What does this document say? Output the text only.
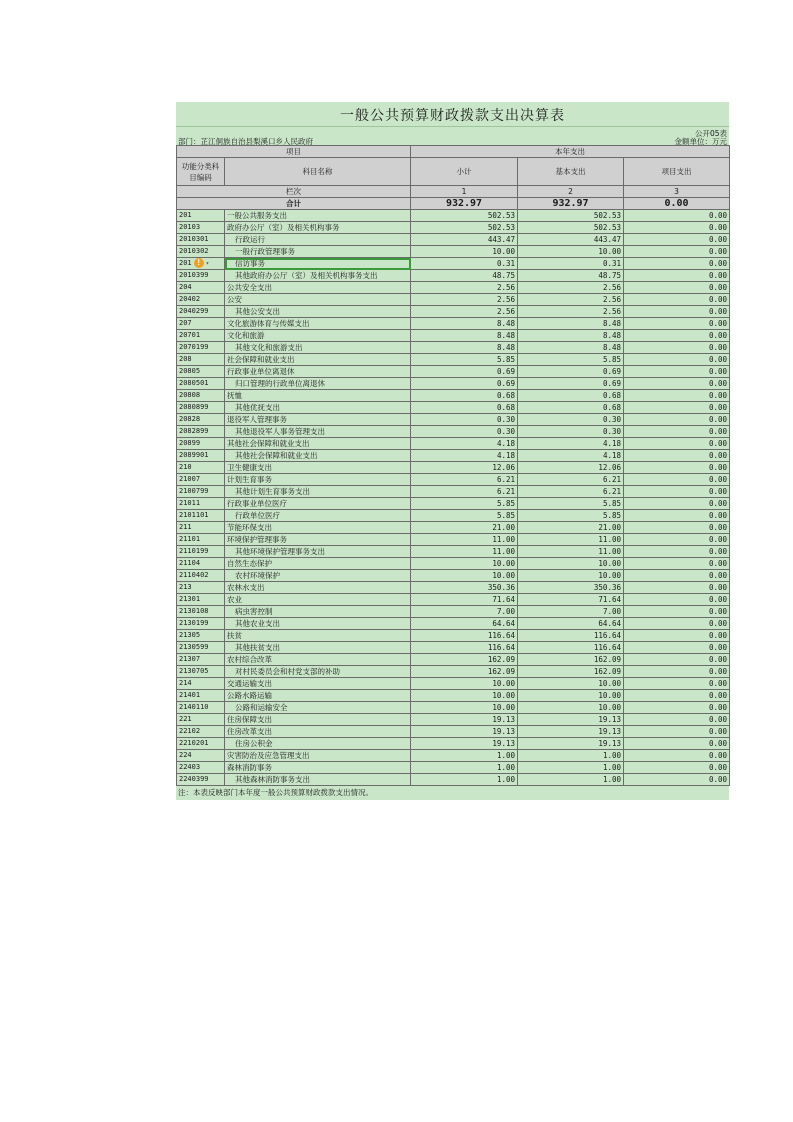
一般公共预算财政拨款支出决算表
公开05表
部门：芷江侗族自治县梨溪口乡人民政府	金额单位：万元
项目		本年支出		
功能分类科目编码	科目名称	小计	基本支出	项目支出
栏次		1	2	3
合计		932.97	932.97	0.00
201	一般公共服务支出	502.53	502.53	0.00
20103	政府办公厅（室）及相关机构事务	502.53	502.53	0.00
2010301	行政运行	443.47	443.47	0.00
2010302	一般行政管理事务	10.00	10.00	0.00
201 ! ▾	信访事务	0.31	0.31	0.00
2010399	其他政府办公厅（室）及相关机构事务支出	48.75	48.75	0.00
204	公共安全支出	2.56	2.56	0.00
20402	公安	2.56	2.56	0.00
2040299	其他公安支出	2.56	2.56	0.00
207	文化旅游体育与传媒支出	8.48	8.48	0.00
20701	文化和旅游	8.48	8.48	0.00
2070199	其他文化和旅游支出	8.48	8.48	0.00
208	社会保障和就业支出	5.85	5.85	0.00
20805	行政事业单位离退休	0.69	0.69	0.00
2080501	归口管理的行政单位离退休	0.69	0.69	0.00
20808	抚恤	0.68	0.68	0.00
2080899	其他优抚支出	0.68	0.68	0.00
20828	退役军人管理事务	0.30	0.30	0.00
2082899	其他退役军人事务管理支出	0.30	0.30	0.00
20899	其他社会保障和就业支出	4.18	4.18	0.00
2089901	其他社会保障和就业支出	4.18	4.18	0.00
210	卫生健康支出	12.06	12.06	0.00
21007	计划生育事务	6.21	6.21	0.00
2100799	其他计划生育事务支出	6.21	6.21	0.00
21011	行政事业单位医疗	5.85	5.85	0.00
2101101	行政单位医疗	5.85	5.85	0.00
211	节能环保支出	21.00	21.00	0.00
21101	环境保护管理事务	11.00	11.00	0.00
2110199	其他环境保护管理事务支出	11.00	11.00	0.00
21104	自然生态保护	10.00	10.00	0.00
2110402	农村环境保护	10.00	10.00	0.00
213	农林水支出	350.36	350.36	0.00
21301	农业	71.64	71.64	0.00
2130108	病虫害控制	7.00	7.00	0.00
2130199	其他农业支出	64.64	64.64	0.00
21305	扶贫	116.64	116.64	0.00
2130599	其他扶贫支出	116.64	116.64	0.00
21307	农村综合改革	162.09	162.09	0.00
2130705	对村民委员会和村党支部的补助	162.09	162.09	0.00
214	交通运输支出	10.00	10.00	0.00
21401	公路水路运输	10.00	10.00	0.00
2140110	公路和运输安全	10.00	10.00	0.00
221	住房保障支出	19.13	19.13	0.00
22102	住房改革支出	19.13	19.13	0.00
2210201	住房公积金	19.13	19.13	0.00
224	灾害防治及应急管理支出	1.00	1.00	0.00
22403	森林消防事务	1.00	1.00	0.00
2240399	其他森林消防事务支出	1.00	1.00	0.00
注：本表反映部门本年度一般公共预算财政拨款支出情况。
